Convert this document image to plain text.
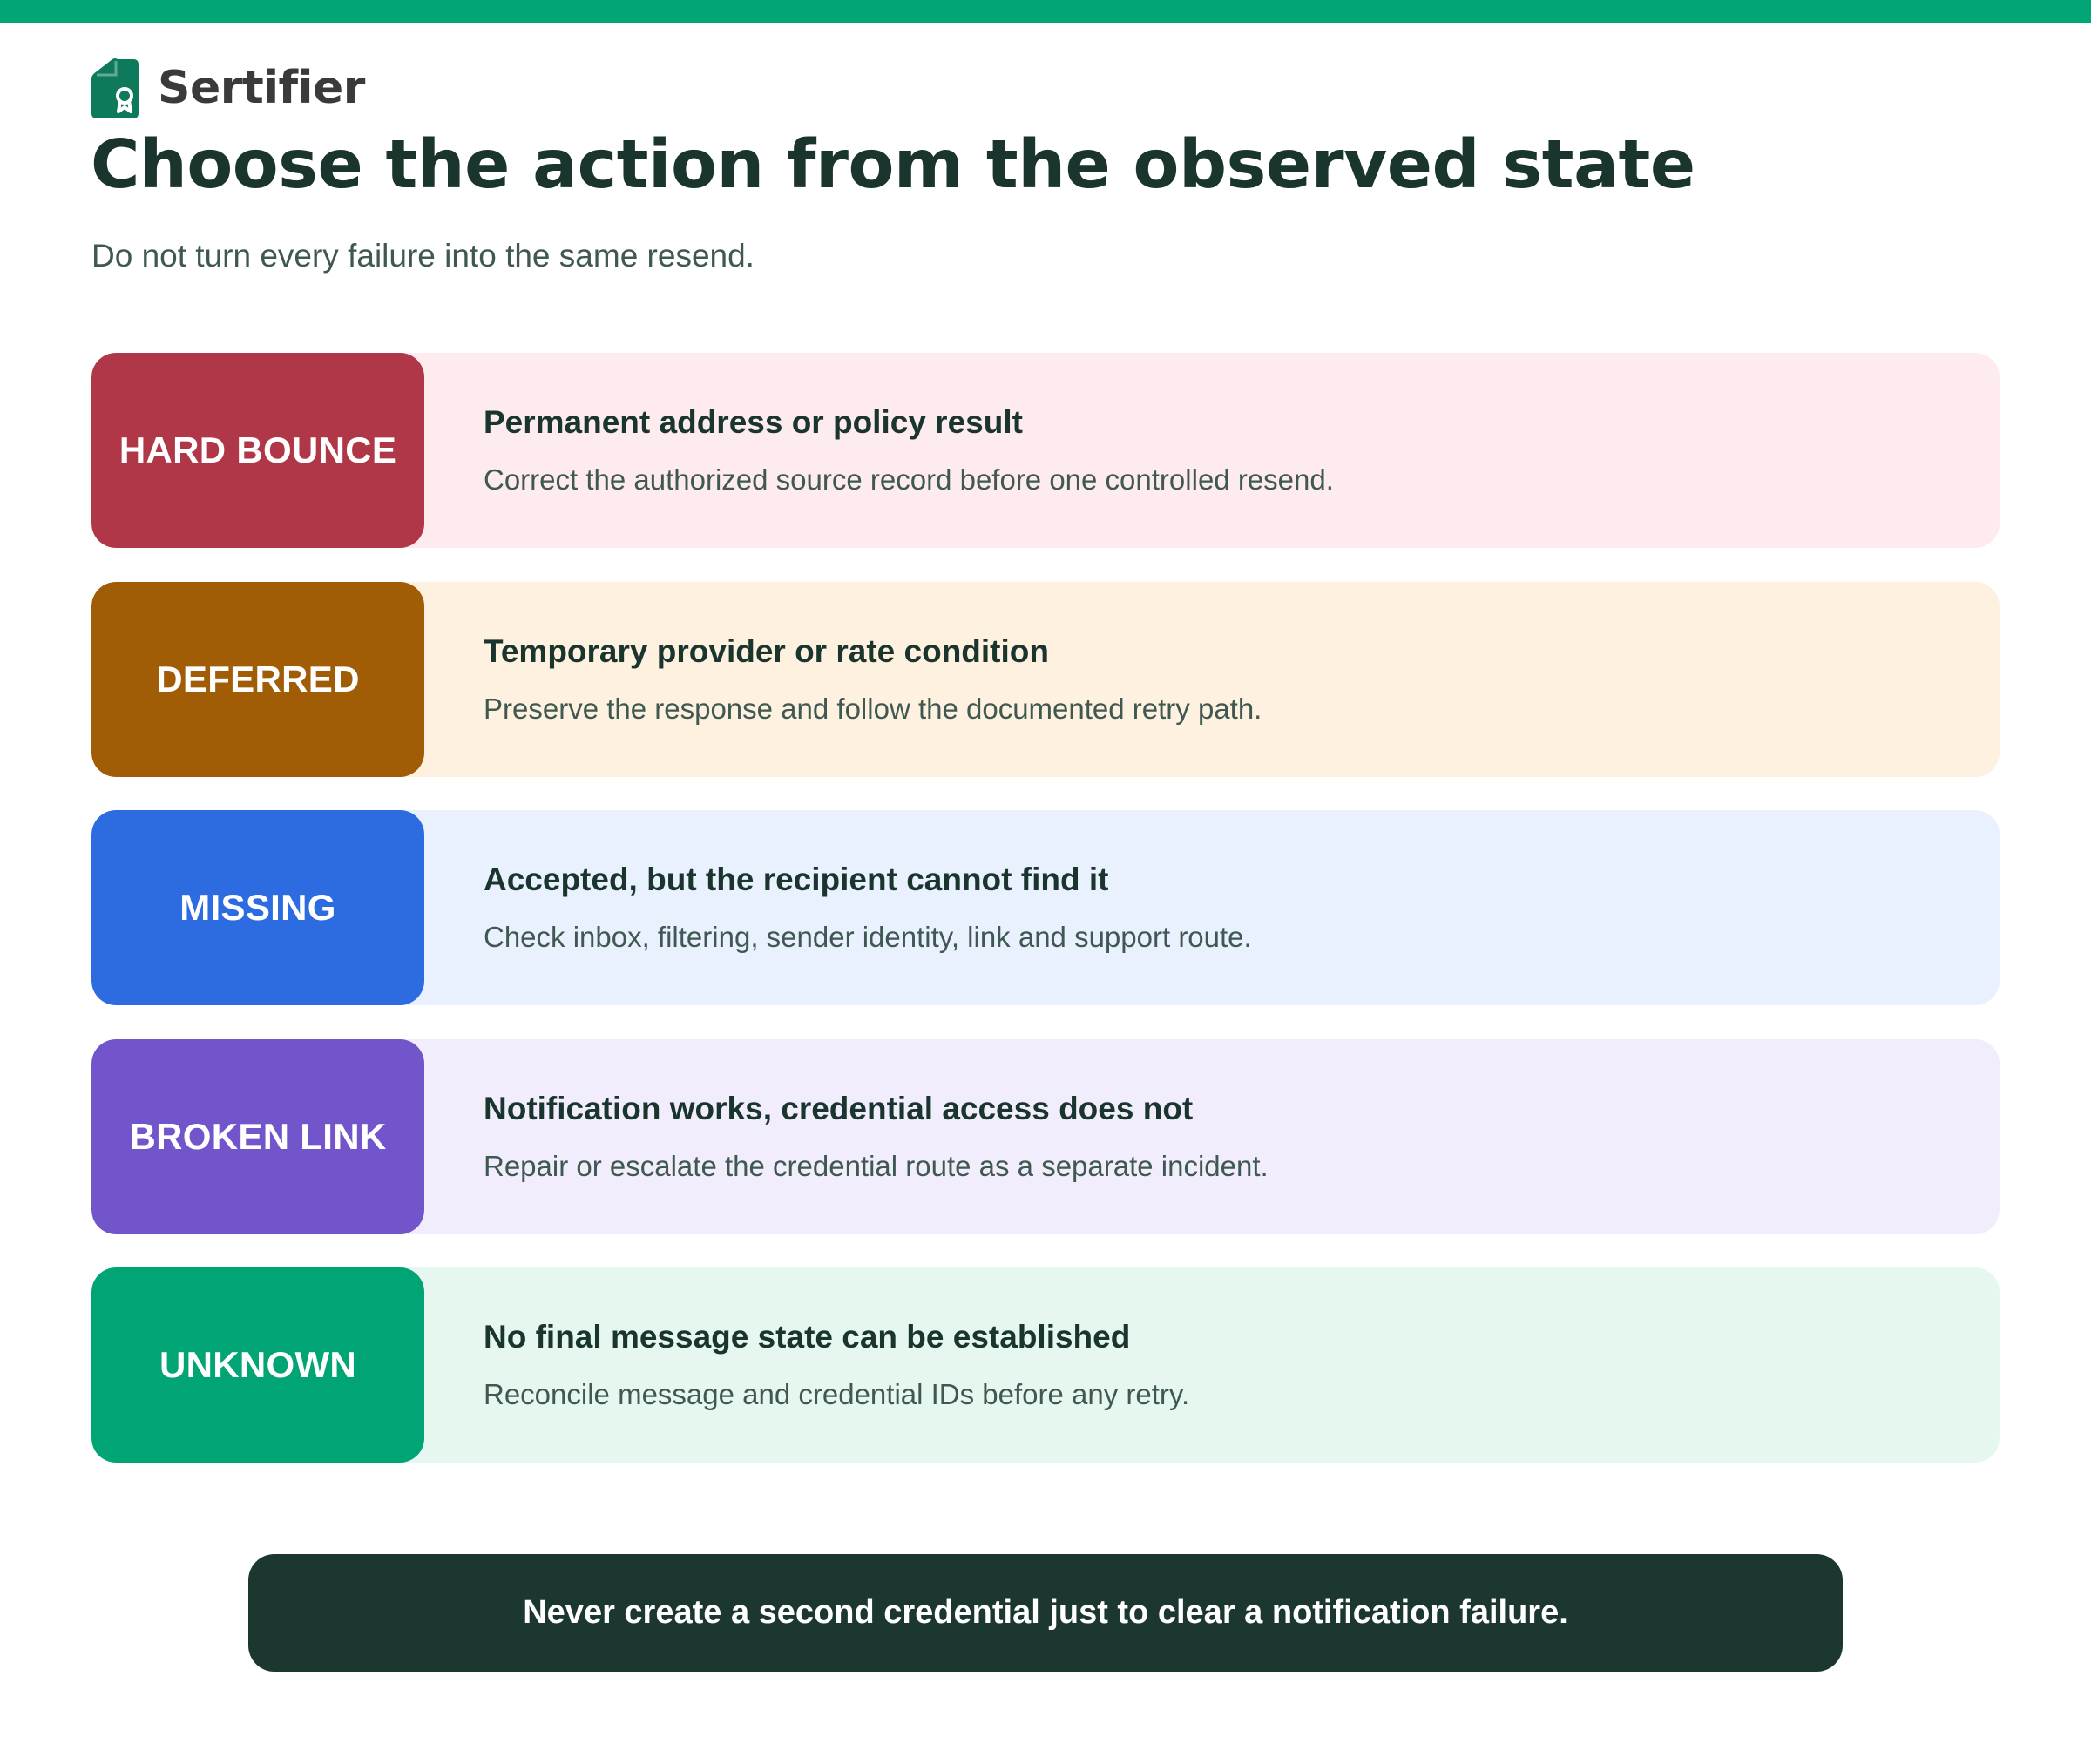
Sertifier
Choose the action from the observed state

Do not turn every failure into the same resend.

HARD BOUNCE
Permanent address or policy result
Correct the authorized source record before one controlled resend.
DEFERRED
Temporary provider or rate condition
Preserve the response and follow the documented retry path.
MISSING
Accepted, but the recipient cannot find it
Check inbox, filtering, sender identity, link and support route.
BROKEN LINK
Notification works, credential access does not
Repair or escalate the credential route as a separate incident.
UNKNOWN
No final message state can be established
Reconcile message and credential IDs before any retry.
Never create a second credential just to clear a notification failure.
